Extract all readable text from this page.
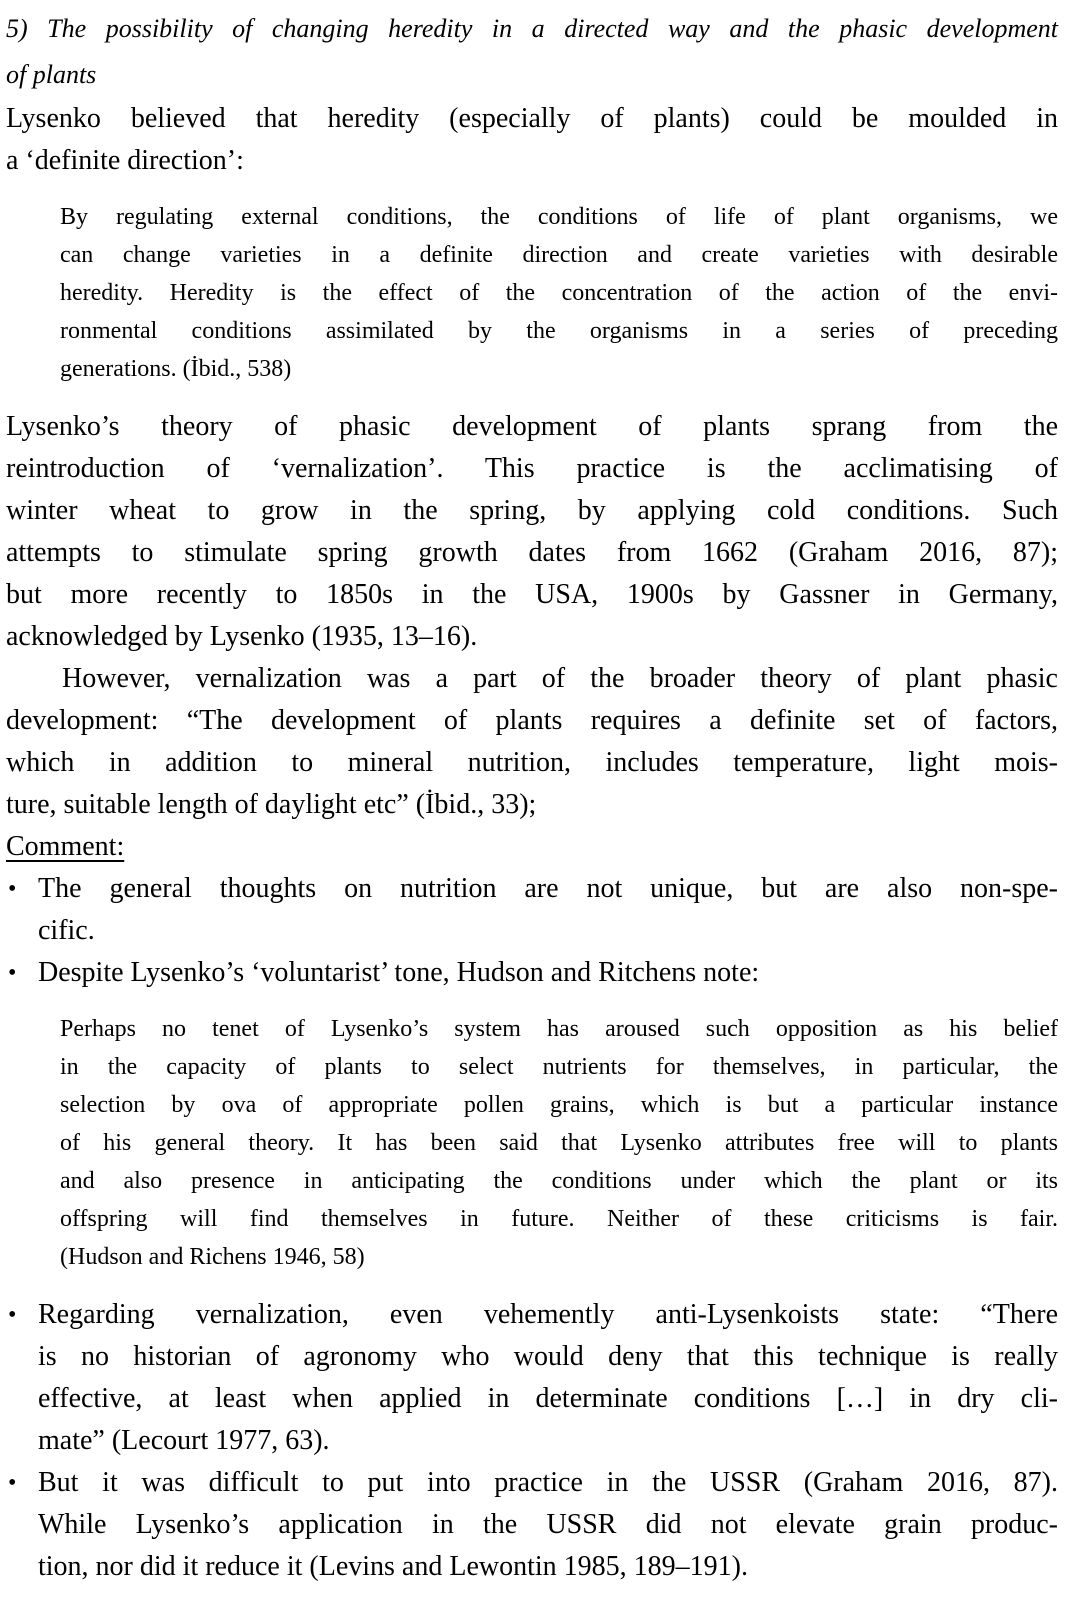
5) The possibility of changing heredity in a directed way and the phasic development
of plants
Lysenko believed that heredity (especially of plants) could be moulded in
a ‘definite direction’:
By regulating external conditions, the conditions of life of plant organisms, we
can change varieties in a definite direction and create varieties with desirable
heredity. Heredity is the effect of the concentration of the action of the envi-
ronmental conditions assimilated by the organisms in a series of preceding
generations. (İbid., 538)
Lysenko’s theory of phasic development of plants sprang from the
reintroduction of ‘vernalization’. This practice is the acclimatising of
winter wheat to grow in the spring, by applying cold conditions. Such
attempts to stimulate spring growth dates from 1662 (Graham 2016, 87);
but more recently to 1850s in the USA, 1900s by Gassner in Germany,
acknowledged by Lysenko (1935, 13–16).
However, vernalization was a part of the broader theory of plant phasic
development: “The development of plants requires a definite set of factors,
which in addition to mineral nutrition, includes temperature, light mois-
ture, suitable length of daylight etc” (İbid., 33);
Comment:
• The general thoughts on nutrition are not unique, but are also non-spe-
cific.
• Despite Lysenko’s ‘voluntarist’ tone, Hudson and Ritchens note:
Perhaps no tenet of Lysenko’s system has aroused such opposition as his belief
in the capacity of plants to select nutrients for themselves, in particular, the
selection by ova of appropriate pollen grains, which is but a particular instance
of his general theory. It has been said that Lysenko attributes free will to plants
and also presence in anticipating the conditions under which the plant or its
offspring will find themselves in future. Neither of these criticisms is fair.
(Hudson and Richens 1946, 58)
• Regarding vernalization, even vehemently anti-Lysenkoists state: “There
is no historian of agronomy who would deny that this technique is really
effective, at least when applied in determinate conditions […] in dry cli-
mate” (Lecourt 1977, 63).
• But it was difficult to put into practice in the USSR (Graham 2016, 87).
While Lysenko’s application in the USSR did not elevate grain produc-
tion, nor did it reduce it (Levins and Lewontin 1985, 189–191).
